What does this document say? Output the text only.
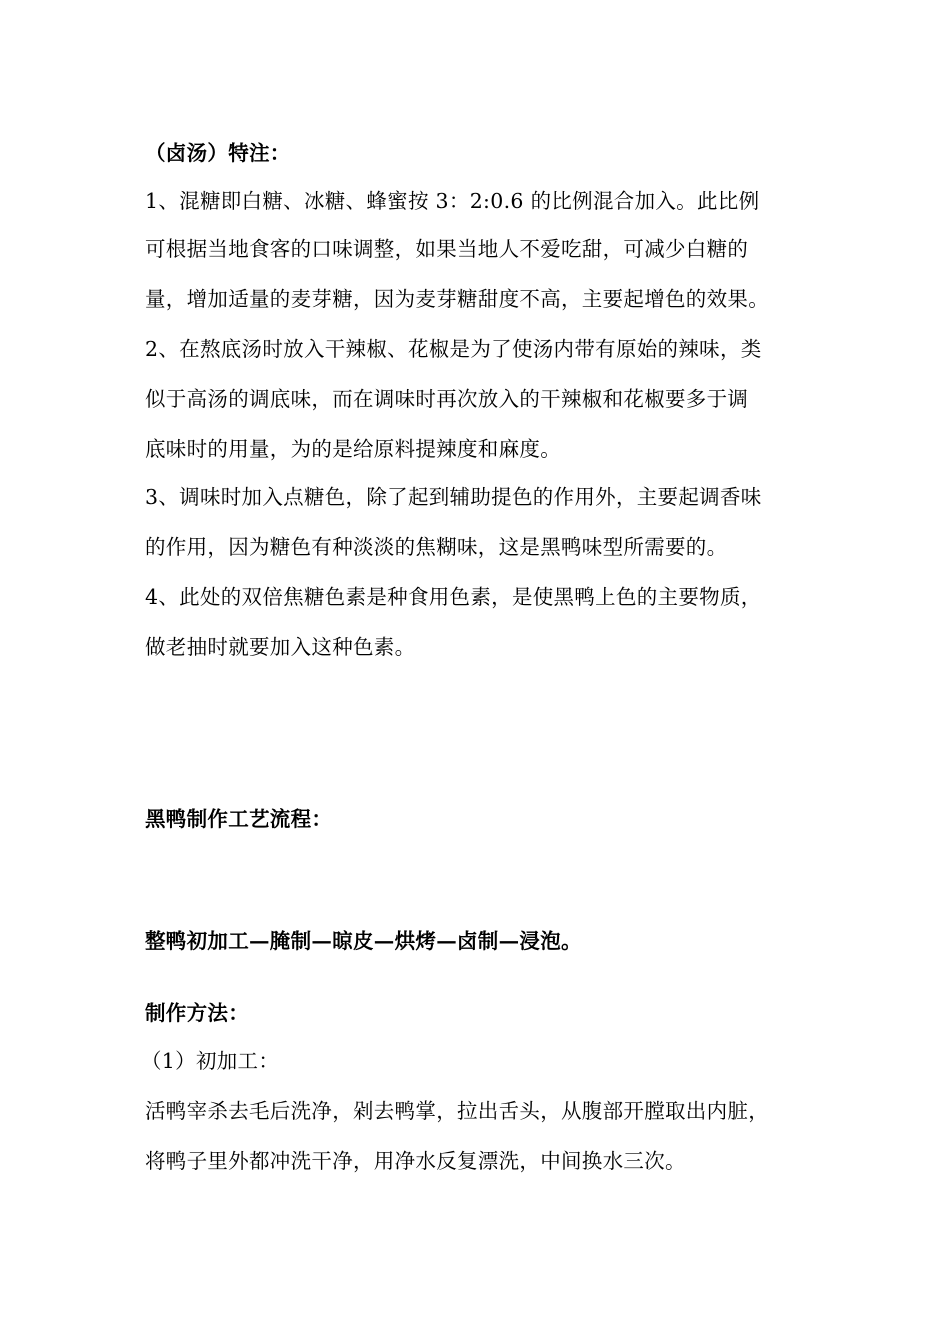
（卤汤）特注：
1、混糖即白糖、冰糖、蜂蜜按 3：2:0.6 的比例混合加入。此比例
可根据当地食客的口味调整，如果当地人不爱吃甜，可减少白糖的
量，增加适量的麦芽糖，因为麦芽糖甜度不高，主要起增色的效果。
2、在熬底汤时放入干辣椒、花椒是为了使汤内带有原始的辣味，类
似于高汤的调底味，而在调味时再次放入的干辣椒和花椒要多于调
底味时的用量，为的是给原料提辣度和麻度。
3、调味时加入点糖色，除了起到辅助提色的作用外，主要起调香味
的作用，因为糖色有种淡淡的焦糊味，这是黑鸭味型所需要的。
4、此处的双倍焦糖色素是种食用色素，是使黑鸭上色的主要物质，
做老抽时就要加入这种色素。
黑鸭制作工艺流程：
整鸭初加工—腌制—晾皮—烘烤—卤制—浸泡。
制作方法：
（1）初加工：
活鸭宰杀去毛后洗净，剁去鸭掌，拉出舌头，从腹部开膛取出内脏，
将鸭子里外都冲洗干净，用净水反复漂洗，中间换水三次。
